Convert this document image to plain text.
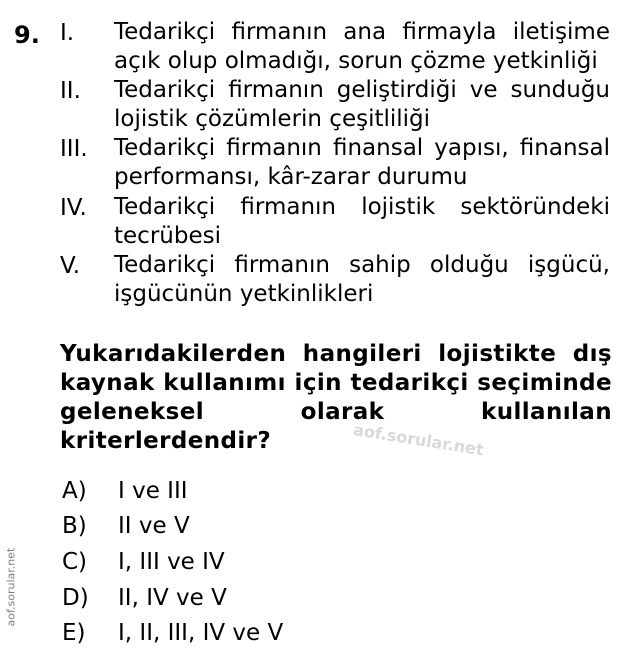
9. I.	Tedarikçi firmanın ana firmayla iletişime açık olup olmadığı, sorun çözme yetkinliği
II.	Tedarikçi firmanın geliştirdiği ve sunduğu lojistik çözümlerin çeşitliliği
III.	Tedarikçi firmanın finansal yapısı, finansal performansı, kâr-zarar durumu
IV.	Tedarikçi firmanın lojistik sektöründeki tecrübesi
V.	Tedarikçi firmanın sahip olduğu işgücü, işgücünün yetkinlikleri
Yukarıdakilerden hangileri lojistikte dış kaynak kullanımı için tedarikçi seçiminde geleneksel olarak kullanılan kriterlerdendir?	aof.sorular.net
A) I ve III
B) II ve V
C) I, III ve IV
D) II, IV ve V
E) I, II, III, IV ve V
aof.sorular.net
